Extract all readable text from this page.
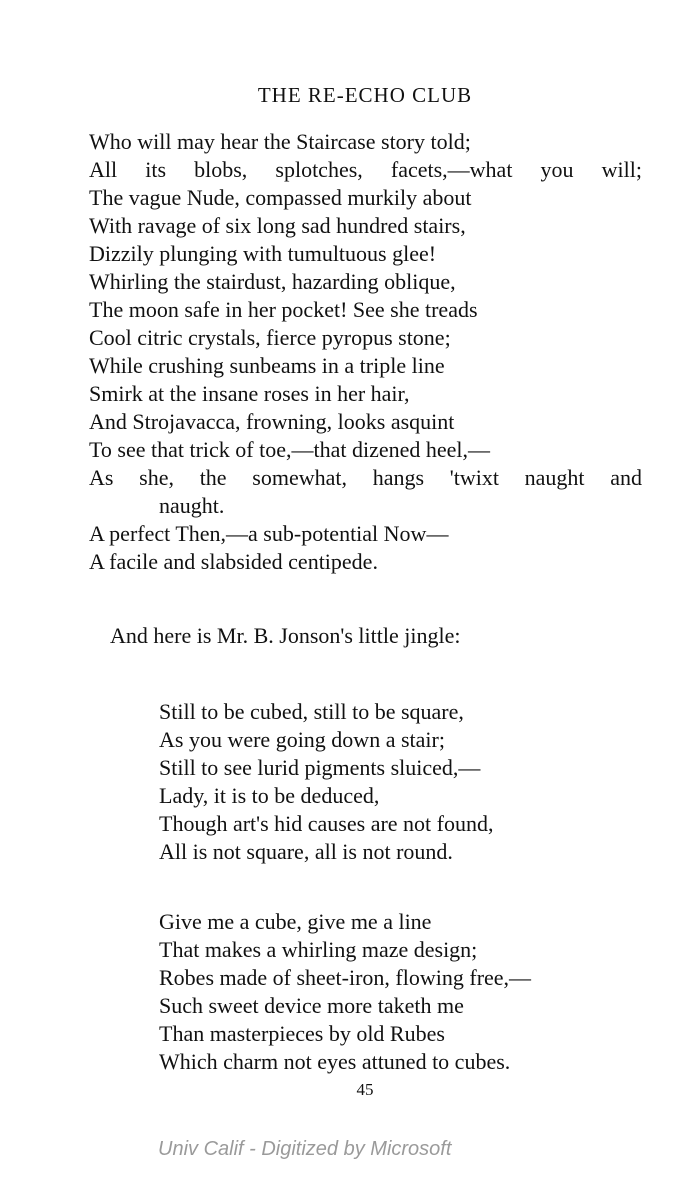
THE RE-ECHO CLUB
Who will may hear the Staircase story told;
All its blobs, splotches, facets,—what you will;
The vague Nude, compassed murkily about
With ravage of six long sad hundred stairs,
Dizzily plunging with tumultuous glee!
Whirling the stairdust, hazarding oblique,
The moon safe in her pocket! See she treads
Cool citric crystals, fierce pyropus stone;
While crushing sunbeams in a triple line
Smirk at the insane roses in her hair,
And Strojavacca, frowning, looks asquint
To see that trick of toe,—that dizened heel,—
As she, the somewhat, hangs 'twixt naught and
naught.
A perfect Then,—a sub-potential Now—
A facile and slabsided centipede.
And here is Mr. B. Jonson's little jingle:
Still to be cubed, still to be square,
As you were going down a stair;
Still to see lurid pigments sluiced,—
Lady, it is to be deduced,
Though art's hid causes are not found,
All is not square, all is not round.
Give me a cube, give me a line
That makes a whirling maze design;
Robes made of sheet-iron, flowing free,—
Such sweet device more taketh me
Than masterpieces by old Rubes
Which charm not eyes attuned to cubes.
45
Univ Calif - Digitized by Microsoft
